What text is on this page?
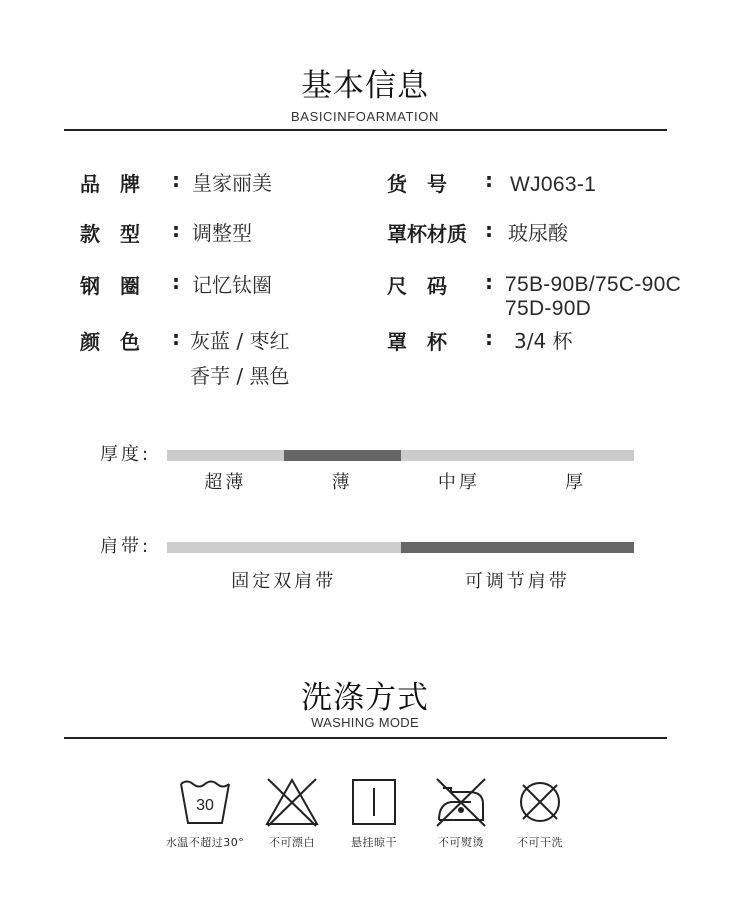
基本信息
BASICINFOARMATION
品　牌 : 皇家丽美
款　型 : 调整型
钢　圈 : 记忆钛圈
颜　色 : 灰蓝 / 枣红
香芋 / 黑色
货　号 : WJ063-1
罩杯材质 : 玻尿酸
尺　码 : 75B-90B/75C-90C
75D-90D
罩　杯 : 3/4 杯
厚度:
超薄	薄	中厚	厚
肩带:
固定双肩带	可调节肩带
洗涤方式
WASHING MODE
30
水温不超过30°	不可漂白	悬挂晾干	不可熨烫	不可干洗
